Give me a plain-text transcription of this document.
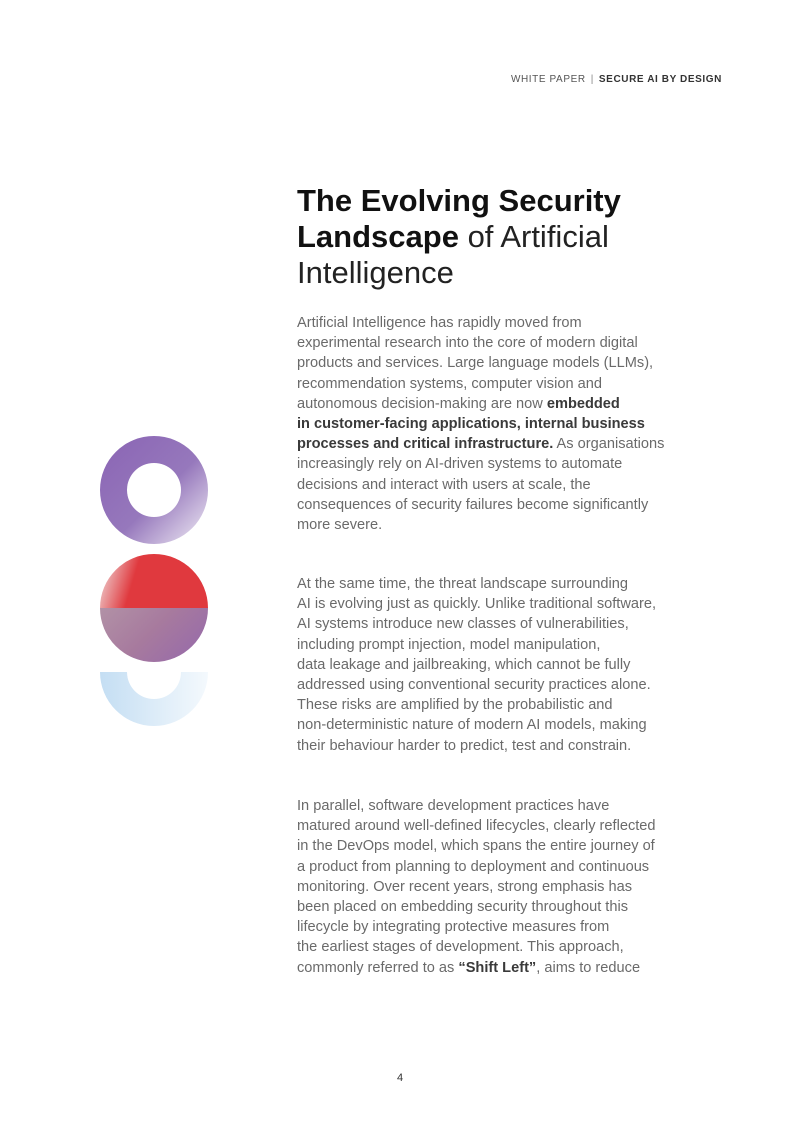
WHITE PAPER | SECURE AI BY DESIGN
The Evolving Security
Landscape of Artificial
Intelligence

Artificial Intelligence has rapidly moved from
experimental research into the core of modern digital
products and services. Large language models (LLMs),
recommendation systems, computer vision and
autonomous decision-making are now embedded
in customer-facing applications, internal business
processes and critical infrastructure. As organisations
increasingly rely on AI-driven systems to automate
decisions and interact with users at scale, the
consequences of security failures become significantly
more severe.

At the same time, the threat landscape surrounding
AI is evolving just as quickly. Unlike traditional software,
AI systems introduce new classes of vulnerabilities,
including prompt injection, model manipulation,
data leakage and jailbreaking, which cannot be fully
addressed using conventional security practices alone.
These risks are amplified by the probabilistic and
non-deterministic nature of modern AI models, making
their behaviour harder to predict, test and constrain.

In parallel, software development practices have
matured around well-defined lifecycles, clearly reflected
in the DevOps model, which spans the entire journey of
a product from planning to deployment and continuous
monitoring. Over recent years, strong emphasis has
been placed on embedding security throughout this
lifecycle by integrating protective measures from
the earliest stages of development. This approach,
commonly referred to as “Shift Left”, aims to reduce

4
